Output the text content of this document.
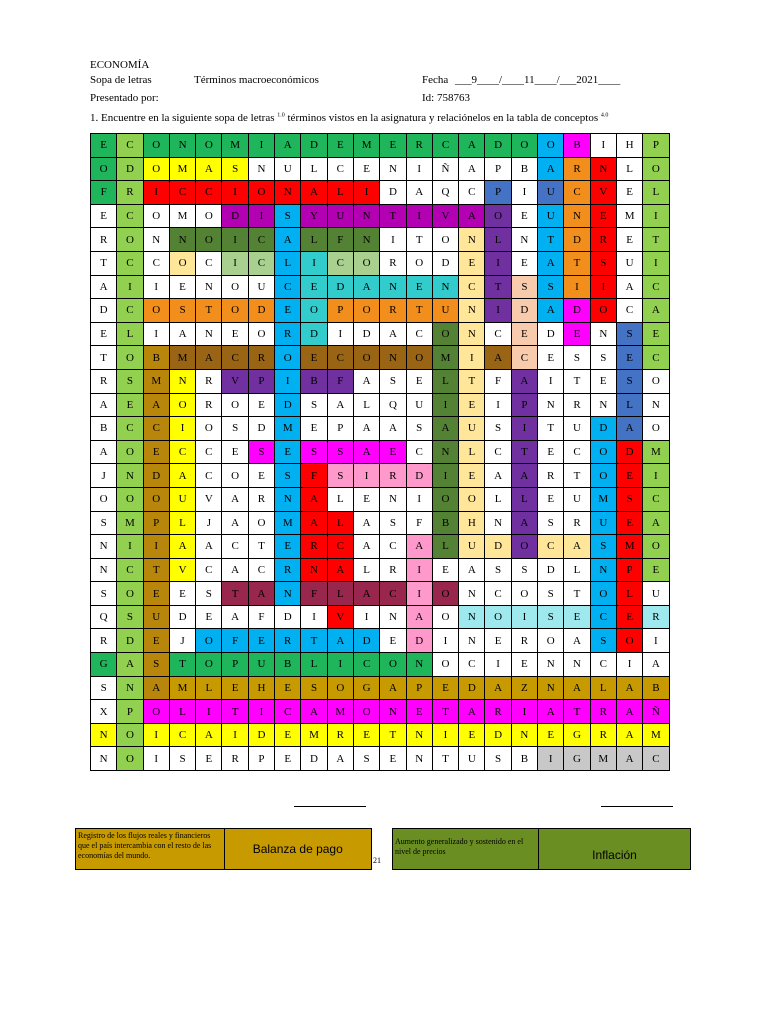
ECONOMÍA
Sopa de letras	Términos macroeconómicos
Presentado por:
Fecha ___9____/____11____/___2021____
Id: 758763
1. Encuentre en la siguiente sopa de letras $^{1.0}$ términos vistos en la asignatura y relaciónelos en la tabla de conceptos $^{4.0}$
E	C	O	N	O	M	I	A	D	E	M	E	R	C	A	D	O	O	B	I	H	P
O	D	O	M	A	S	N	U	L	C	E	N	I	Ñ	A	P	B	A	R	N	L	O
F	R	I	C	C	I	O	N	A	L	I	D	A	Q	C	P	I	U	C	V	E	L
E	C	O	M	O	D	I	S	Y	U	N	T	I	V	A	O	E	U	N	E	M	I
R	O	N	N	O	I	C	A	L	F	N	I	T	O	N	L	N	T	D	R	E	T
T	C	C	O	C	I	C	L	I	C	O	R	O	D	E	I	E	A	T	S	U	I
A	I	I	E	N	O	U	C	E	D	A	N	E	N	C	T	S	S	I	I	A	C
D	C	O	S	T	O	D	E	O	P	O	R	T	U	N	I	D	A	D	O	C	A
E	L	I	A	N	E	O	R	D	I	D	A	C	O	N	C	E	D	E	N	S	E
T	O	B	M	A	C	R	O	E	C	O	N	O	M	I	A	C	E	S	S	E	C
R	S	M	N	R	V	P	I	B	F	A	S	E	L	T	F	A	I	T	E	S	O
A	E	A	O	R	O	E	D	S	A	L	Q	U	I	E	I	P	N	R	N	L	N
B	C	C	I	O	S	D	M	E	P	A	A	S	A	U	S	I	T	U	D	A	O
A	O	E	C	C	E	S	E	S	S	A	E	C	N	L	C	T	E	C	O	D	M
J	N	D	A	C	O	E	S	F	S	I	R	D	I	E	A	A	R	T	O	E	I
O	O	O	U	V	A	R	N	A	L	E	N	I	O	O	L	L	E	U	M	S	C
S	M	P	L	J	A	O	M	A	L	A	S	F	B	H	N	A	S	R	U	E	A
N	I	I	A	A	C	T	E	R	C	A	C	A	L	U	D	O	C	A	S	M	O
N	C	T	V	C	A	C	R	N	A	L	R	I	E	A	S	S	D	L	N	P	E
S	O	E	E	S	T	A	N	F	L	A	C	I	O	N	C	O	S	T	O	L	U
Q	S	U	D	E	A	F	D	I	V	I	N	A	O	N	O	I	S	E	C	E	R
R	D	E	J	O	F	E	R	T	A	D	E	D	I	N	E	R	O	A	S	O	I
G	A	S	T	O	P	U	B	L	I	C	O	N	O	C	I	E	N	N	C	I	A
S	N	A	M	L	E	H	E	S	O	G	A	P	E	D	A	Z	N	A	L	A	B
X	P	O	L	I	T	I	C	A	M	O	N	E	T	A	R	I	A	T	R	A	Ñ
N	O	I	C	A	I	D	E	M	R	E	T	N	I	E	D	N	E	G	R	A	M
N	O	I	S	E	R	P	E	D	A	S	E	N	T	U	S	B	I	G	M	A	C
Registro de los flujos reales y financieros que el país intercambia con el resto de las economías del mundo.	Balanza de pago
21
Aumento generalizado y sostenido en el nivel de precios	Inflación
